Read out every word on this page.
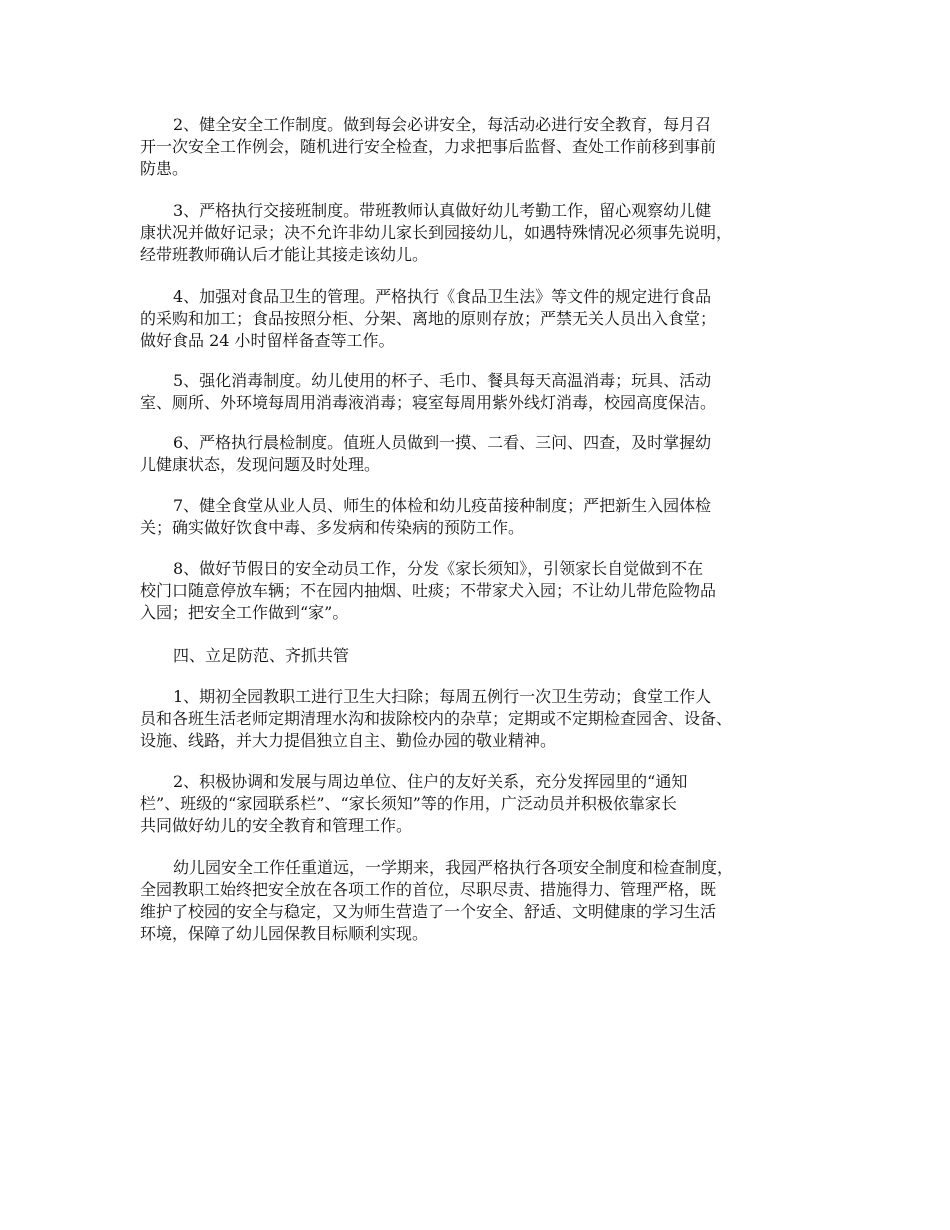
2、健全安全工作制度。做到每会必讲安全，每活动必进行安全教育，每月召
开一次安全工作例会，随机进行安全检查，力求把事后监督、查处工作前移到事前
防患。

3、严格执行交接班制度。带班教师认真做好幼儿考勤工作，留心观察幼儿健
康状况并做好记录；决不允许非幼儿家长到园接幼儿，如遇特殊情况必须事先说明，
经带班教师确认后才能让其接走该幼儿。

4、加强对食品卫生的管理。严格执行《食品卫生法》等文件的规定进行食品
的采购和加工；食品按照分柜、分架、离地的原则存放；严禁无关人员出入食堂；
做好食品 24 小时留样备查等工作。

5、强化消毒制度。幼儿使用的杯子、毛巾、餐具每天高温消毒；玩具、活动
室、厕所、外环境每周用消毒液消毒；寝室每周用紫外线灯消毒，校园高度保洁。

6、严格执行晨检制度。值班人员做到一摸、二看、三问、四查，及时掌握幼
儿健康状态，发现问题及时处理。

7、健全食堂从业人员、师生的体检和幼儿疫苗接种制度；严把新生入园体检
关；确实做好饮食中毒、多发病和传染病的预防工作。

8、做好节假日的安全动员工作，分发《家长须知》，引领家长自觉做到不在
校门口随意停放车辆；不在园内抽烟、吐痰；不带家犬入园；不让幼儿带危险物品
入园；把安全工作做到“家”。

四、立足防范、齐抓共管

1、期初全园教职工进行卫生大扫除；每周五例行一次卫生劳动；食堂工作人
员和各班生活老师定期清理水沟和拔除校内的杂草；定期或不定期检查园舍、设备、
设施、线路，并大力提倡独立自主、勤俭办园的敬业精神。

2、积极协调和发展与周边单位、住户的友好关系，充分发挥园里的“通知
栏”、班级的“家园联系栏”、“家长须知”等的作用，广泛动员并积极依靠家长
共同做好幼儿的安全教育和管理工作。

幼儿园安全工作任重道远，一学期来，我园严格执行各项安全制度和检查制度，
全园教职工始终把安全放在各项工作的首位，尽职尽责、措施得力、管理严格，既
维护了校园的安全与稳定，又为师生营造了一个安全、舒适、文明健康的学习生活
环境，保障了幼儿园保教目标顺利实现。
